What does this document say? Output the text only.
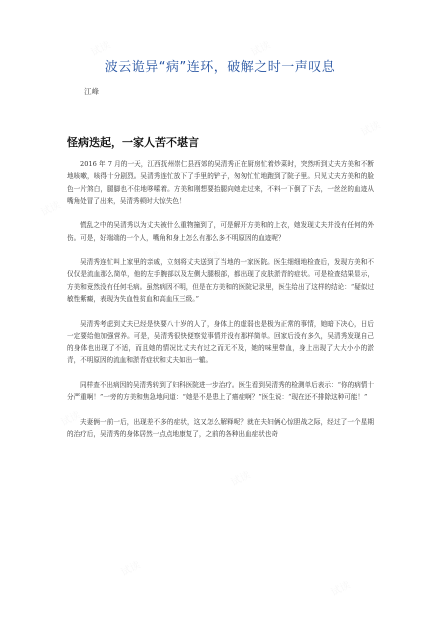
波云诡异“病”连环，破解之时一声叹息
江峰
怪病迭起，一家人苦不堪言

2016 年 7 月的一天，江西抚州崇仁县西郊的吴清秀正在厨房忙着炒菜时，突然听到丈夫方美和不断地咳嗽，咳得十分剧烈。吴清秀连忙放下了手里的铲子，匆匆忙忙地跑到了院子里。只见丈夫方美和的脸色一片煞白，腿脚也不住地哆嗦着。方美和刚想要抬腿向她走过来，不料一下倒了下去，一丝丝的血迹从嘴角处冒了出来，吴清秀顿时大惊失色！

慌乱之中的吴清秀以为丈夫被什么重物撞到了，可是解开方美和的上衣，她发现丈夫并没有任何的外伤。可是，好端端的一个人，嘴角和身上怎么有那么多不明原因的血迹呢？

吴清秀连忙叫上家里的亲戚，立刻将丈夫送到了当地的一家医院。医生细细地检查后，发现方美和不仅仅是流血那么简单，他的左手腕部以及左侧大腿根部，都出现了皮肤淤青的症状。可是检查结果显示，方美和竟然没有任何毛病。虽然病因不明，但是在方美和的医院记录里，医生给出了这样的结论：“疑似过敏性紫癜，表现为失血性贫血和高血压三级。”

吴清秀考虑到丈夫已经是快要八十岁的人了，身体上的虚弱也是极为正常的事情，她暗下决心，日后一定要给他加强营养。可是，吴清秀很快便察觉事情并没有那样简单。回家后没有多久，吴清秀发现自己的身体也出现了不适，而且她的情况比丈夫有过之而无不及，她的味里带血，身上出现了大大小小的淤青，不明原因的流血和淤青症状和丈夫如出一辙。

同样查不出病因的吴清秀转到了妇科医院进一步治疗。医生看到吴清秀的检测单后表示：“你的病情十分严重啊！”一旁的方美和焦急地问道：“她是不是患上了癌症啊？”医生说：“现在还不排除这种可能！”

夫妻俩一前一后，出现差不多的症状，这又怎么解释呢？就在夫妇俩心惊胆战之际，经过了一个星期的治疗后，吴清秀的身体居然一点点地康复了，之前的各种出血症状也奇
